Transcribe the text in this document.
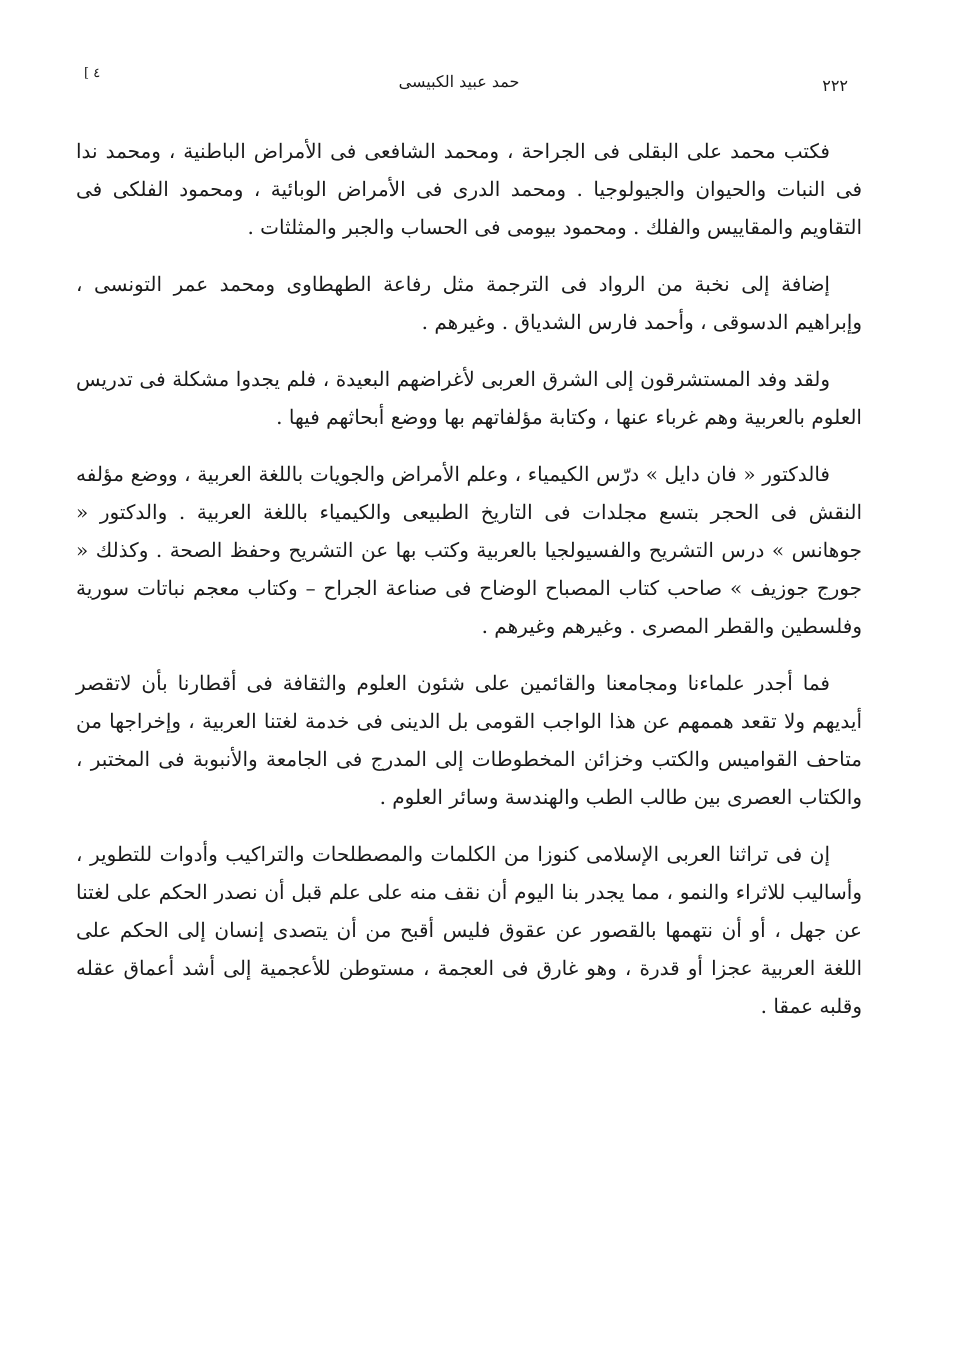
٢٢٢
حمد عبيد الكبيسى
[ ٤

فكتب محمد على البقلى فى الجراحة ، ومحمد الشافعى فى الأمراض الباطنية ، ومحمد ندا فى النبات والحيوان والجيولوجيا . ومحمد الدرى فى الأمراض الوبائية ، ومحمود الفلكى فى التقاويم والمقاييس والفلك . ومحمود بيومى فى الحساب والجبر والمثلثات .

إضافة إلى نخبة من الرواد فى الترجمة مثل رفاعة الطهطاوى ومحمد عمر التونسى ، وإبراهيم الدسوقى ، وأحمد فارس الشدياق . وغيرهم .

ولقد وفد المستشرقون إلى الشرق العربى لأغراضهم البعيدة ، فلم يجدوا مشكلة فى تدريس العلوم بالعربية وهم غرباء عنها ، وكتابة مؤلفاتهم بها ووضع أبحاثهم فيها .

فالدكتور « فان دايل » درّس الكيمياء ، وعلم الأمراض والجويات باللغة العربية ، ووضع مؤلفه النقش فى الحجر بتسع مجلدات فى التاريخ الطبيعى والكيمياء باللغة العربية . والدكتور « جوهانس » درس التشريح والفسيولجيا بالعربية وكتب بها عن التشريح وحفظ الصحة . وكذلك « جورج جوزيف » صاحب كتاب المصباح الوضاح فى صناعة الجراح – وكتاب معجم نباتات سورية وفلسطين والقطر المصرى . وغيرهم وغيرهم .

فما أجدر علماءنا ومجامعنا والقائمين على شئون العلوم والثقافة فى أقطارنا بأن لاتقصر أيديهم ولا تقعد هممهم عن هذا الواجب القومى بل الدينى فى خدمة لغتنا العربية ، وإخراجها من متاحف القواميس والكتب وخزائن المخطوطات إلى المدرج فى الجامعة والأنبوبة فى المختبر ، والكتاب العصرى بين طالب الطب والهندسة وسائر العلوم .

إن فى تراثنا العربى الإسلامى كنوزا من الكلمات والمصطلحات والتراكيب وأدوات للتطوير ، وأساليب للاثراء والنمو ، مما يجدر بنا اليوم أن نقف منه على علم قبل أن نصدر الحكم على لغتنا عن جهل ، أو أن نتهمها بالقصور عن عقوق فليس أقبح من أن يتصدى إنسان إلى الحكم على اللغة العربية عجزا أو قدرة ، وهو غارق فى العجمة ، مستوطن للأعجمية إلى أشد أعماق عقله وقلبه عمقا .
